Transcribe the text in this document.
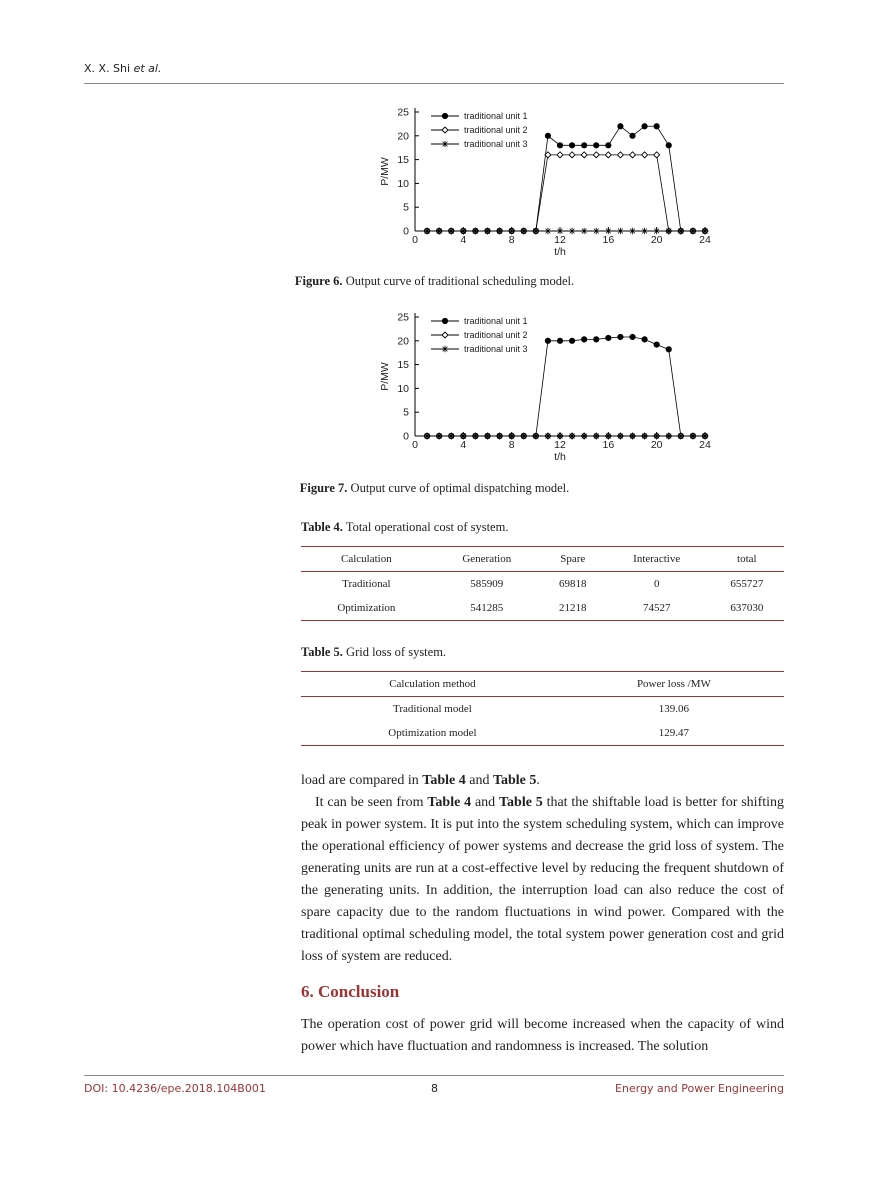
X. X. Shi et al.
0
5
10
15
20
25
0	4	8	12	16	20	24
t/h
P/MW
traditional unit 1
traditional unit 2
traditional unit 3
Figure 6. Output curve of traditional scheduling model.
0
5
10
15
20
25
0	4	8	12	16	20	24
t/h
P/MW
traditional unit 1
traditional unit 2
traditional unit 3
Figure 7. Output curve of optimal dispatching model.
Table 4. Total operational cost of system.
Calculation	Generation	Spare	Interactive	total
Traditional	585909	69818	0	655727
Optimization	541285	21218	74527	637030
Table 5. Grid loss of system.
Calculation method	Power loss /MW
Traditional model	139.06
Optimization model	129.47

load are compared in Table 4 and Table 5.

It can be seen from Table 4 and Table 5 that the shiftable load is better for shifting peak in power system. It is put into the system scheduling system, which can improve the operational efficiency of power systems and decrease the grid loss of system. The generating units are run at a cost-effective level by reducing the frequent shutdown of the generating units. In addition, the interruption load can also reduce the cost of spare capacity due to the random fluctuations in wind power. Compared with the traditional optimal scheduling model, the total system power generation cost and grid loss of system are reduced.

6. Conclusion

The operation cost of power grid will become increased when the capacity of wind power which have fluctuation and randomness is increased. The solution

DOI: 10.4236/epe.2018.104B001	8	Energy and Power Engineering
